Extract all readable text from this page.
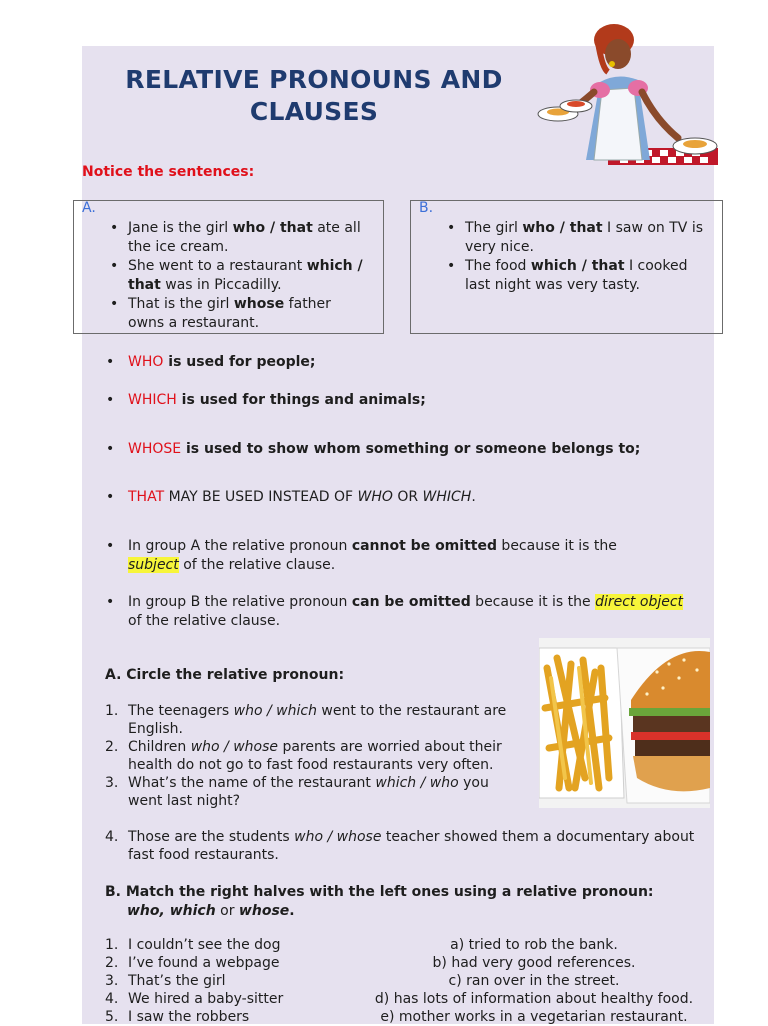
RELATIVE PRONOUNS AND CLAUSES
Notice the sentences:
A.
• Jane is the girl who / that ate all the ice cream.
• She went to a restaurant which / that was in Piccadilly.
• That is the girl whose father owns a restaurant.
B.
• The girl who / that I saw on TV is very nice.
• The food which / that I cooked last night was very tasty.
• WHO is used for people;
• WHICH is used for things and animals;
• WHOSE is used to show whom something or someone belongs to;
• THAT MAY BE USED INSTEAD OF WHO OR WHICH.
• In group A the relative pronoun cannot be omitted because it is the subject of the relative clause.
• In group B the relative pronoun can be omitted because it is the direct object of the relative clause.
A. Circle the relative pronoun:
1. The teenagers who / which went to the restaurant are English.
2. Children who / whose parents are worried about their health do not go to fast food restaurants very often.
3. What’s the name of the restaurant which / who you went last night?
4. Those are the students who / whose teacher showed them a documentary about fast food restaurants.
B. Match the right halves with the left ones using a relative pronoun:
who, which or whose.
1. I couldn’t see the dog
2. I’ve found a webpage
3. That’s the girl
4. We hired a baby-sitter
5. I saw the robbers
a) tried to rob the bank.
b) had very good references.
c) ran over in the street.
d) has lots of information about healthy food.
e) mother works in a vegetarian restaurant.
